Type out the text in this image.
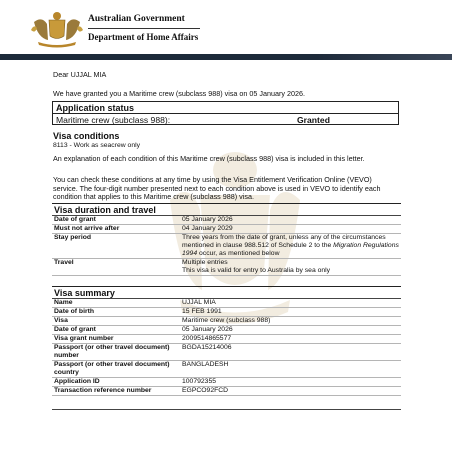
Australian Government
Department of Home Affairs
Dear UJJAL MIA
We have granted you a Maritime crew (subclass 988) visa on 05 January 2026.
Application status
Maritime crew (subclass 988):	Granted
Visa conditions
8113 - Work as seacrew only
An explanation of each condition of this Maritime crew (subclass 988) visa is included in this letter.
You can check these conditions at any time by using the Visa Entitlement Verification Online (VEVO) service. The four-digit number presented next to each condition above is used in VEVO to identify each condition that applies to this Maritime crew (subclass 988) visa.
Visa duration and travel	
Date of grant	05 January 2026
Must not arrive after	04 January 2029
Stay period	Three years from the date of grant, unless any of the circumstances mentioned in clause 988.512 of Schedule 2 to the Migration Regulations 1994 occur, as mentioned below
Travel	Multiple entries
This visa is valid for entry to Australia by sea only
Visa summary	
Name	UJJAL MIA
Date of birth	15 FEB 1991
Visa	Maritime crew (subclass 988)
Date of grant	05 January 2026
Visa grant number	2009514865577
Passport (or other travel document) number	BGDA15214006
Passport (or other travel document) country	BANGLADESH
Application ID	100792355
Transaction reference number	EGPCO92FCD
